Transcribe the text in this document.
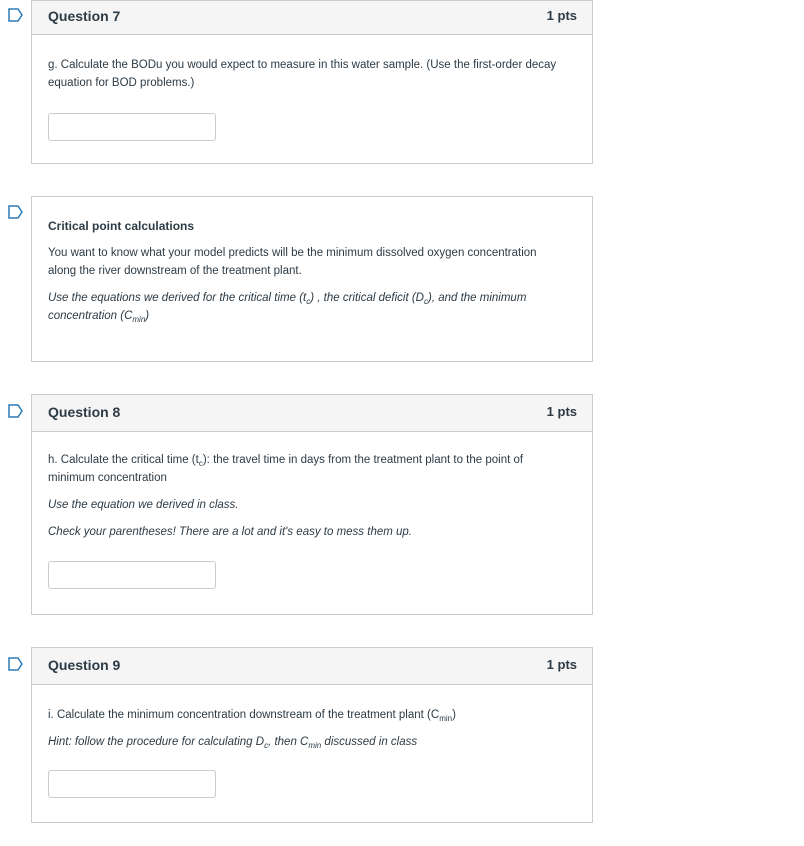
Question 7	1 pts

g. Calculate the BODu you would expect to measure in this water sample. (Use the first-order decay

equation for BOD problems.)

Critical point calculations

You want to know what your model predicts will be the minimum dissolved oxygen concentration

along the river downstream of the treatment plant.

Use the equations we derived for the critical time $(t_c)$ , the critical deficit $(D_c)$, and the minimum

concentration $(C_{min})$

Question 8	1 pts

h. Calculate the critical time $(t_c)$: the travel time in days from the treatment plant to the point of

minimum concentration

Use the equation we derived in class.

Check your parentheses! There are a lot and it's easy to mess them up.

Question 9	1 pts

i. Calculate the minimum concentration downstream of the treatment plant $(C_{min})$

Hint: follow the procedure for calculating $D_c$, then $C_{min}$ discussed in class
